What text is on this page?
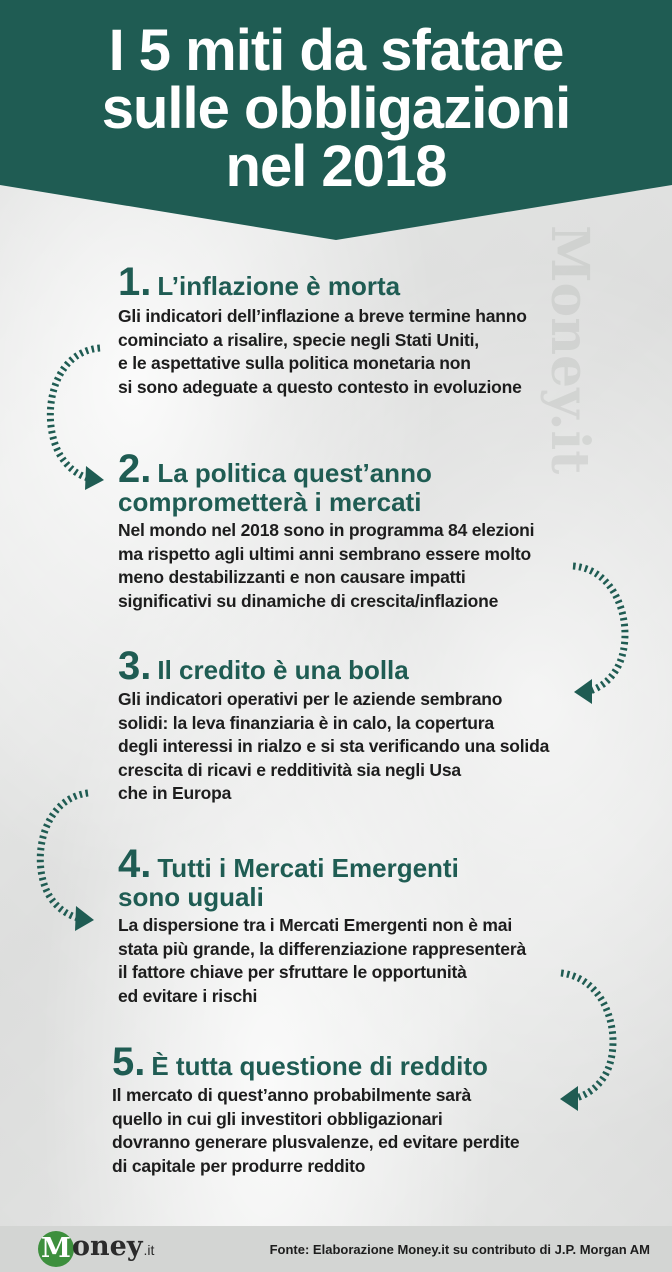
I 5 miti da sfatare
sulle obbligazioni
nel 2018
Money.it
1. L’inflazione è morta
Gli indicatori dell’inflazione a breve termine hanno
cominciato a risalire, specie negli Stati Uniti,
e le aspettative sulla politica monetaria non
si sono adeguate a questo contesto in evoluzione
2. La politica quest’anno
comprometterà i mercati
Nel mondo nel 2018 sono in programma 84 elezioni
ma rispetto agli ultimi anni sembrano essere molto
meno destabilizzanti e non causare impatti
significativi su dinamiche di crescita/inflazione
3. Il credito è una bolla
Gli indicatori operativi per le aziende sembrano
solidi: la leva finanziaria è in calo, la copertura
degli interessi in rialzo e si sta verificando una solida
crescita di ricavi e redditività sia negli Usa
che in Europa
4. Tutti i Mercati Emergenti
sono uguali
La dispersione tra i Mercati Emergenti non è mai
stata più grande, la differenziazione rappresenterà
il fattore chiave per sfruttare le opportunità
ed evitare i rischi
5. È tutta questione di reddito
Il mercato di quest’anno probabilmente sarà
quello in cui gli investitori obbligazionari
dovranno generare plusvalenze, ed evitare perdite
di capitale per produrre reddito
M oney .it	Fonte: Elaborazione Money.it su contributo di J.P. Morgan AM
